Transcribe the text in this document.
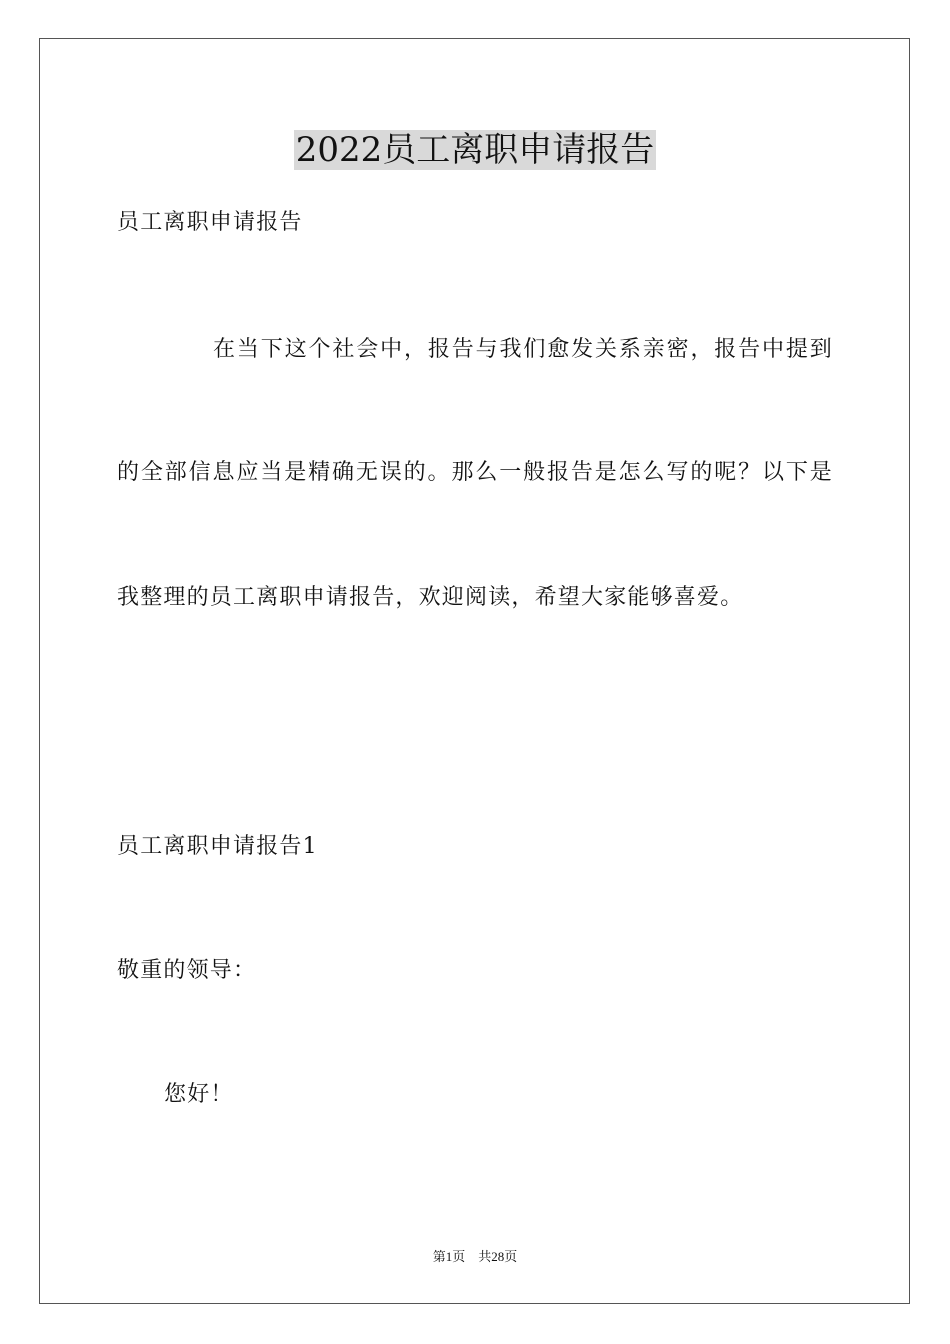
2022员工离职申请报告
员工离职申请报告
在当下这个社会中，报告与我们愈发关系亲密，报告中提到
的全部信息应当是精确无误的。那么一般报告是怎么写的呢？以下是
我整理的员工离职申请报告，欢迎阅读，希望大家能够喜爱。
员工离职申请报告1
敬重的领导：
您好！
第1页    共28页
